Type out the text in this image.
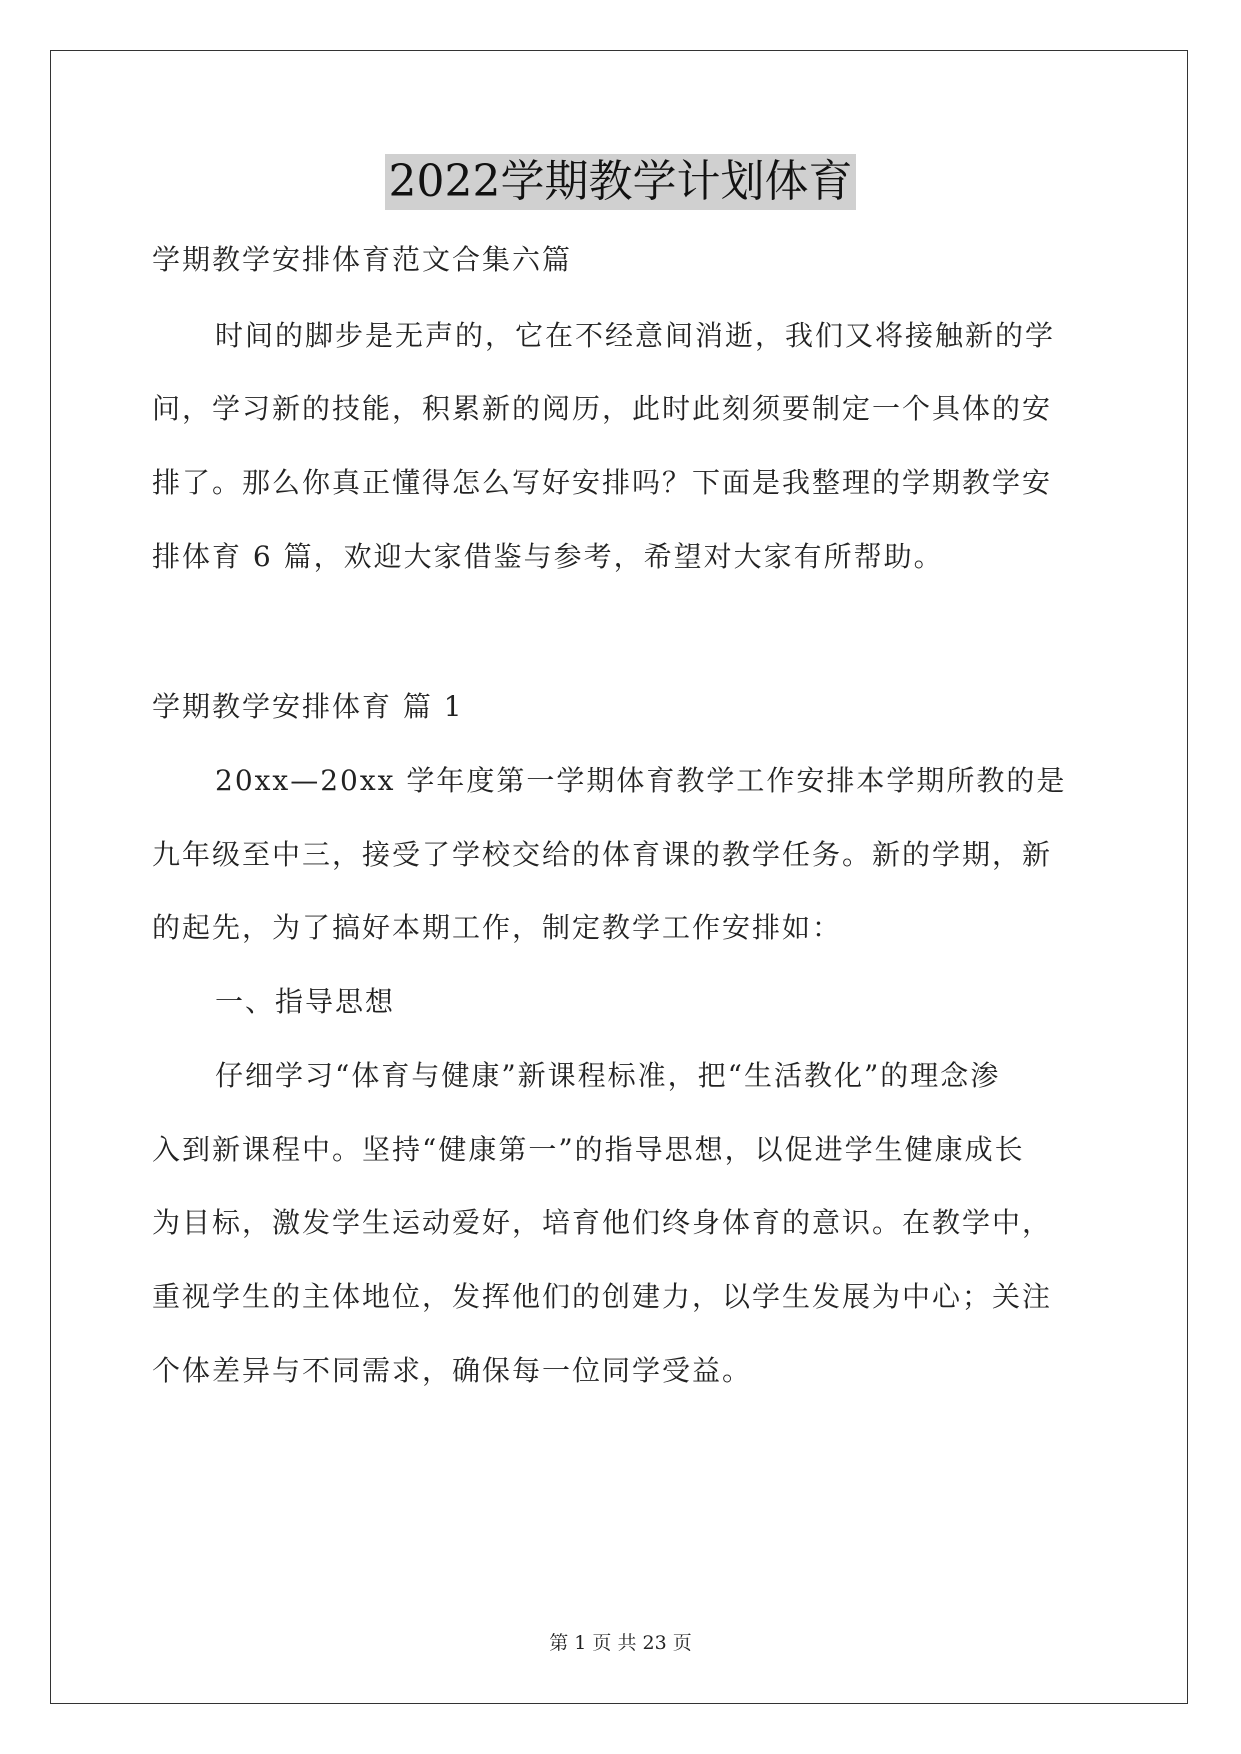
2022学期教学计划体育
学期教学安排体育范文合集六篇
时间的脚步是无声的，它在不经意间消逝，我们又将接触新的学
问，学习新的技能，积累新的阅历，此时此刻须要制定一个具体的安
排了。那么你真正懂得怎么写好安排吗？下面是我整理的学期教学安
排体育 6 篇，欢迎大家借鉴与参考，希望对大家有所帮助。
学期教学安排体育 篇 1
20xx—20xx 学年度第一学期体育教学工作安排本学期所教的是
九年级至中三，接受了学校交给的体育课的教学任务。新的学期，新
的起先，为了搞好本期工作，制定教学工作安排如：
一、指导思想
仔细学习“体育与健康”新课程标准，把“生活教化”的理念渗
入到新课程中。坚持“健康第一”的指导思想，以促进学生健康成长
为目标，激发学生运动爱好，培育他们终身体育的意识。在教学中，
重视学生的主体地位，发挥他们的创建力，以学生发展为中心；关注
个体差异与不同需求，确保每一位同学受益。
第 1 页 共 23 页
